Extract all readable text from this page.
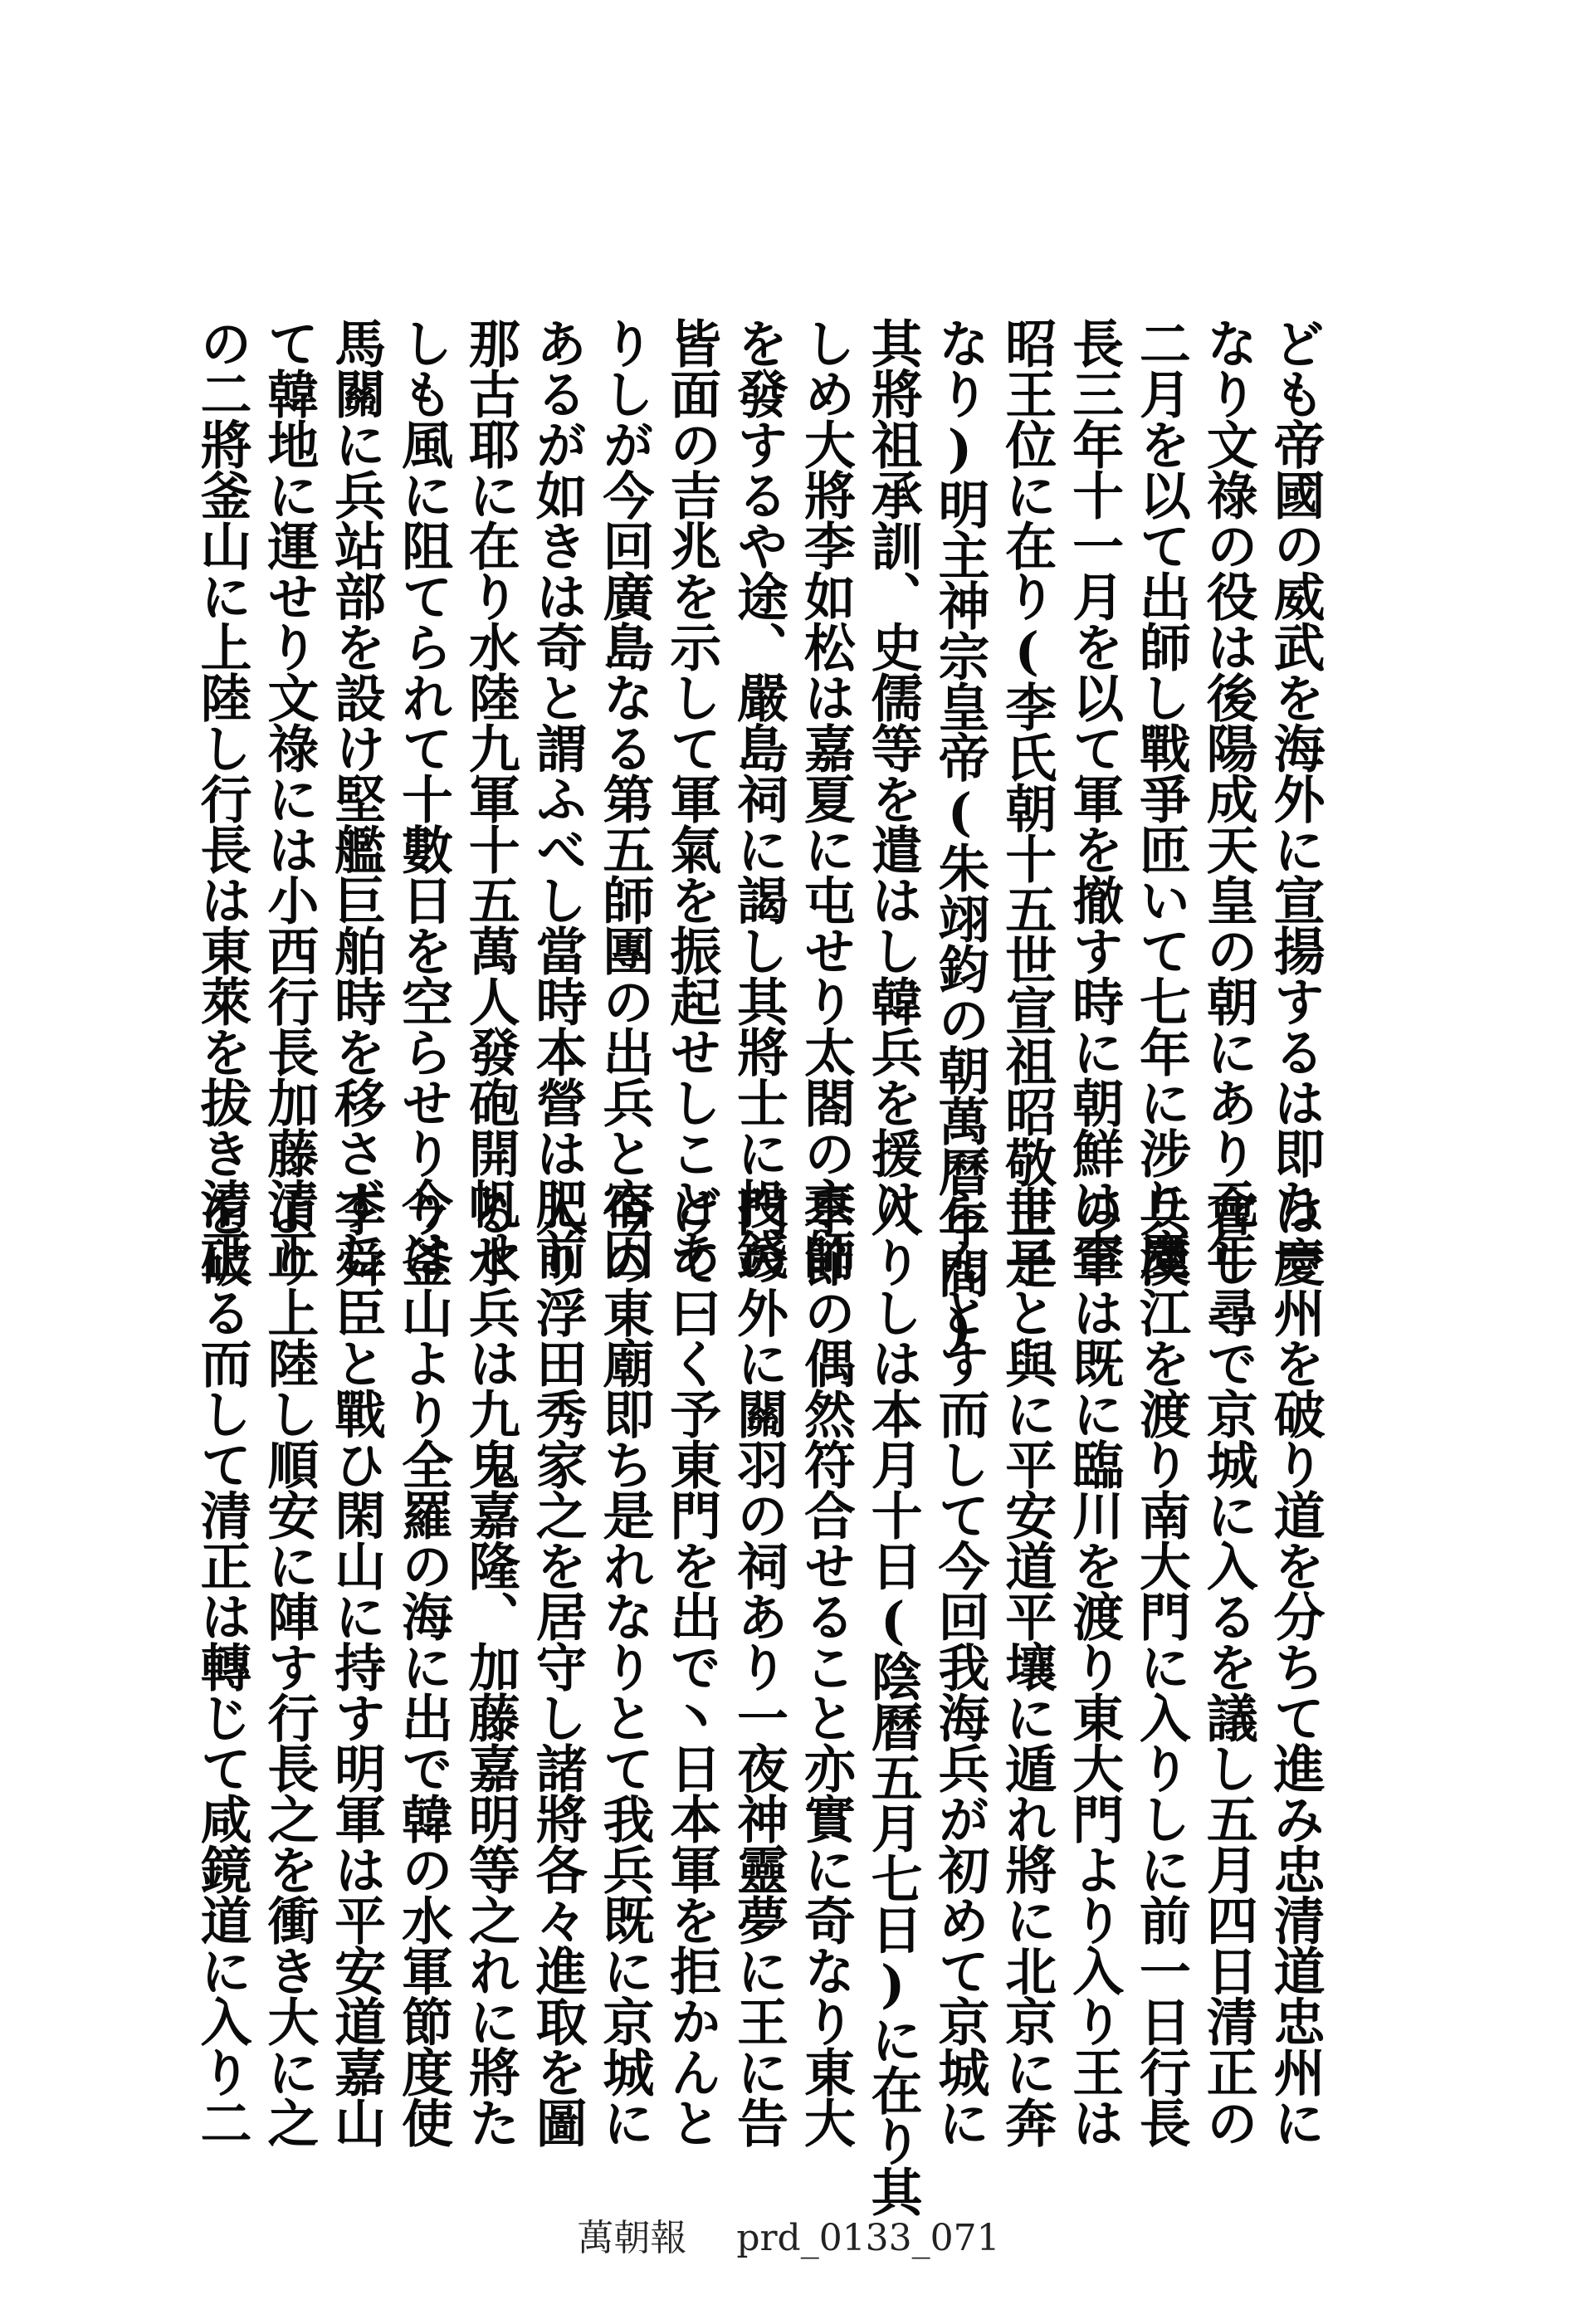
ども帝國の威武を海外に宣揚するは即ち一
なり文祿の役は後陽成天皇の朝にあり元年
二月を以て出師し戰爭匝いて七年に涉り慶
長三年十一月を以て軍を撤す時に朝鮮は李
昭王位に在り(李氏朝十五世宣祖昭敬王是
なり)明主神宗皇帝(朱翊鈞の朝萬曆年間)
其將祖承訓、史儒等を遣はし韓兵を援け
しめ大將李如松は嘉夏に屯せり太閤の京師
を發するや途、嚴島祠に謁し其將士に投錢
皆面の吉兆を示して軍氣を振起せしことあ
りしが今回廣島なる第五師團の出兵と宿因
あるが如きは奇と謂ふべし當時本營は肥前
那古耶に在り水陸九軍十五萬人發砲開帆せ
しも風に阻てられて十數日を空らせり今は
馬關に兵站部を設け堅艦巨舶時を移さずし
て韓地に運せり文祿には小西行長加藤清正
の二將釜山に上陸し行長は東萊を拔き清正
は慶州を破り道を分ちて進み忠清道忠州に
會し尋で京城に入るを議し五月四日清正の
兵漢江を渡り南大門に入りしに前一日行長
の軍は既に臨川を渡り東大門より入り王は
世子と與に平安道平壤に遁れ將に北京に奔
らんとす而して今回我海兵が初めて京城に
入りしは本月十日(陰曆五月七日)に在り其
季節の偶然符合せること亦實に奇なり東大
門の外に關羽の祠あり一夜神靈夢に王に告
げて曰く予東門を出で丶日本軍を拒かんと
今の東廟即ち是れなりとて我兵既に京城に
入り浮田秀家之を居守し諸將各々進取を圖
る水兵は九鬼嘉隆、加藤嘉明等之れに將た
り釜山より全羅の海に出で韓の水軍節度使
李舜臣と戰ひ閑山に持す明軍は平安道嘉山
より上陸し順安に陣す行長之を衝き大に之
を破る而して清正は轉じて咸鏡道に入り二
萬朝報 prd_0133_071
